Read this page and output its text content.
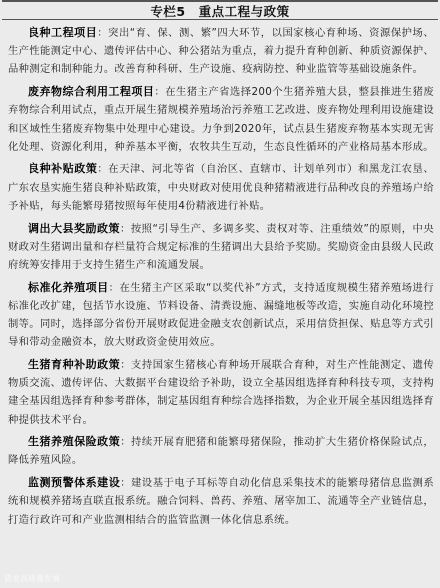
专栏5　重点工程与政策

良种工程项目：突出“育、保、测、繁”四大环节，以国家核心育种场、资源保护场、生产性能测定中心、遗传评估中心、种公猪站为重点，着力提升育种创新、种质资源保护、品种测定和制种能力。改善育种科研、生产设施、疫病防控、种业监管等基础设施条件。

废弃物综合利用工程项目：在生猪主产省选择200个生猪养殖大县，整县推进生猪废弃物综合利用试点，重点开展生猪规模养殖场治污养殖工艺改进、废弃物处理利用设施建设和区域性生猪废弃物集中处理中心建设。力争到2020年，试点县生猪废弃物基本实现无害化处理、资源化利用，种养基本平衡，农牧共生互动，生态良性循环的产业格局基本形成。

良种补贴政策：在天津、河北等省（自治区、直辖市、计划单列市）和黑龙江农垦、广东农垦实施生猪良种补贴政策，中央财政对使用优良种猪精液进行品种改良的养殖场户给予补贴，每头能繁母猪按照每年使用4份精液进行补贴。

调出大县奖励政策：按照“引导生产、多调多奖、责权对等、注重绩效”的原则，中央财政对生猪调出量和存栏量符合规定标准的生猪调出大县给予奖励。奖励资金由县级人民政府统筹安排用于支持生猪生产和流通发展。

标准化养殖项目：在生猪主产区采取“以奖代补”方式，支持适度规模生猪养殖场进行标准化改扩建，包括节水设施、节料设备、清粪设施、漏缝地板等改造，实施自动化环境控制等。同时，选择部分省份开展财政促进金融支农创新试点，采用信贷担保、贴息等方式引导和带动金融资本，放大财政资金使用效应。

生猪育种补助政策：支持国家生猪核心育种场开展联合育种，对生产性能测定、遗传物质交流、遗传评估、大数据平台建设给予补助，设立全基因组选择育种科技专项，支持构建全基因组选择育种参考群体，制定基因组育种综合选择指数，为企业开展全基因组选择育种提供技术平台。

生猪养殖保险政策：持续开展育肥猪和能繁母猪保险，推动扩大生猪价格保险试点，降低养殖风险。

监测预警体系建设：建设基于电子耳标等自动化信息采集技术的能繁母猪信息监测系统和规模养猪场直联直报系统。融合饲料、兽药、养殖、屠宰加工、流通等全产业链信息，打造行政许可和产业监测相结合的监管监测一体化信息系统。

猪业高质量发展
